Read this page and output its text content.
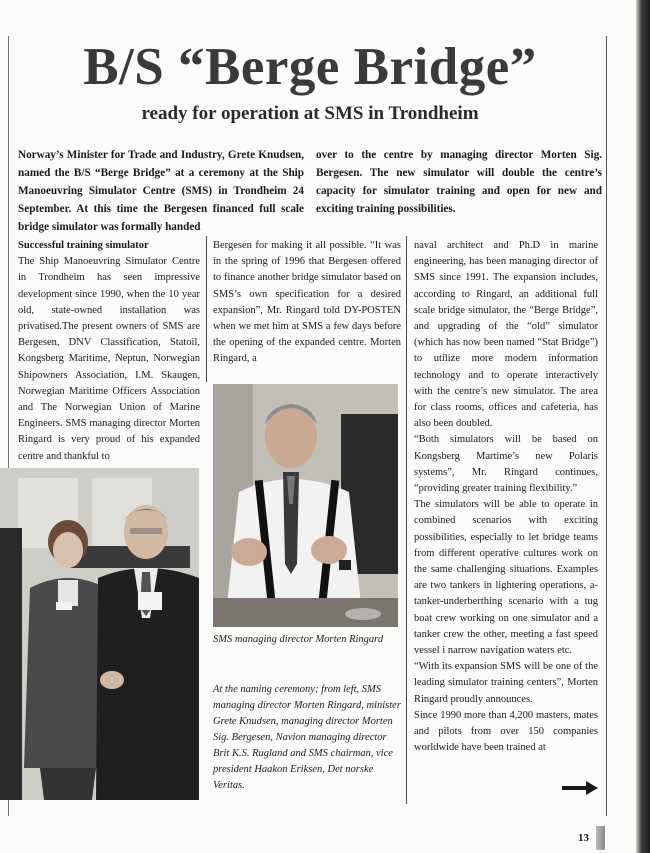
B/S “Berge Bridge”
ready for operation at SMS in Trondheim

Norway’s Minister for Trade and Industry, Grete Knudsen, named the B/S “Berge Bridge” at a ceremony at the Ship Manoeuvring Simulator Centre (SMS) in Trondheim 24 September. At this time the Bergesen financed full scale bridge simulator was formally handed

over to the centre by managing director Morten Sig. Bergesen. The new simulator will double the centre’s capacity for simulator training and open for new and exciting training possibilities.

Successful training simulator
The Ship Manoeuvring Simulator Centre in Trondheim has seen impressive development since 1990, when the 10 year old, state-owned installation was privatised.The present owners of SMS are Bergesen, DNV Classification, Statoil, Kongsberg Maritime, Neptun, Norwegian Shipowners Association, I.M. Skaugen, Norwegian Maritime Officers Association and The Norwegian Union of Marine Engineers. SMS managing director Morten Ringard is very proud of his expanded centre and thankful to
Bergesen for making it all possible. “It was in the spring of 1996 that Bergesen offered to finance another bridge simulator based on SMS’s own specification for a desired expansion”, Mr. Ringard told DY-POSTEN when we met him at SMS a few days before the opening of the expanded centre. Morten Ringard, a
naval architect and Ph.D in marine engineering, has been managing director of SMS since 1991. The expansion includes, according to Ringard, an additional full scale bridge simulator, the “Berge Bridge”, and upgrading of the “old” simulator (which has now been named “Stat Bridge”) to utilize more modern information technology and to operate interactively with the centre’s new simulator. The area for class rooms, offices and cafeteria, has also been doubled.
“Both simulators will be based on Kongsberg Martime’s new Polaris systems”, Mr. Ringard continues, “providing greater training flexibility.”
The simulators will be able to operate in combined scenarios with exciting possibilities, especially to let bridge teams from different operative cultures work on the same challenging situations. Examples are two tankers in lightering operations, a-tanker-underberthing scenario with a tug boat crew working on one simulator and a tanker crew the other, meeting a fast speed vessel i narrow navigation waters etc.
“With its expansion SMS will be one of the leading simulator training centers”, Morten Ringard proudly announces.
Since 1990 more than 4,200 masters, mates and pilots from over 150 companies worldwide have been trained at

SMS managing director Morten Ringard

At the naming ceremony; from left, SMS managing director Morten Ringard, minister Grete Knudsen, managing director Morten Sig. Bergesen, Navion managing director Brit K.S. Rugland and SMS chairman, vice president Haakon Eriksen, Det norske Veritas.

13
